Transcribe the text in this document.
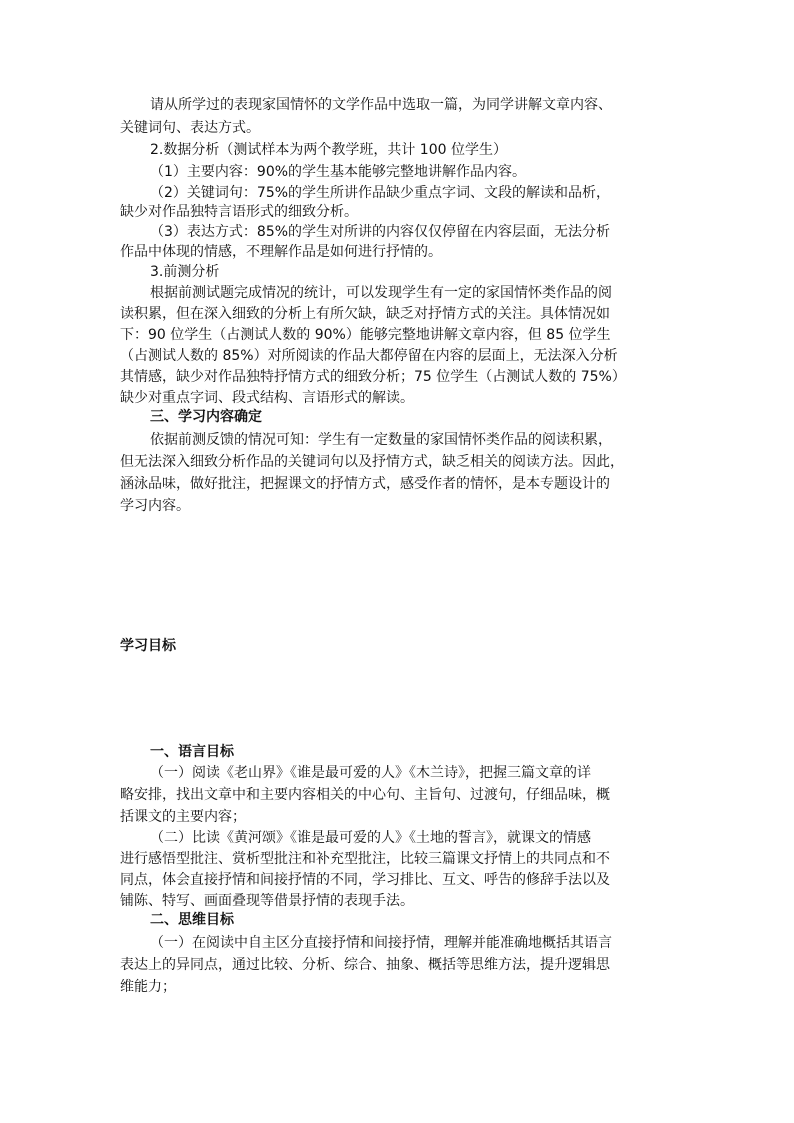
请从所学过的表现家国情怀的文学作品中选取一篇，为同学讲解文章内容、

关键词句、表达方式。

2.数据分析（测试样本为两个教学班，共计 100 位学生）

（1）主要内容：90%的学生基本能够完整地讲解作品内容。

（2）关键词句：75%的学生所讲作品缺少重点字词、文段的解读和品析，

缺少对作品独特言语形式的细致分析。

（3）表达方式：85%的学生对所讲的内容仅仅停留在内容层面，无法分析

作品中体现的情感，不理解作品是如何进行抒情的。

3.前测分析

根据前测试题完成情况的统计，可以发现学生有一定的家国情怀类作品的阅

读积累，但在深入细致的分析上有所欠缺，缺乏对抒情方式的关注。具体情况如

下：90 位学生（占测试人数的 90%）能够完整地讲解文章内容，但 85 位学生

（占测试人数的 85%）对所阅读的作品大都停留在内容的层面上，无法深入分析

其情感，缺少对作品独特抒情方式的细致分析；75 位学生（占测试人数的 75%）

缺少对重点字词、段式结构、言语形式的解读。

三、学习内容确定

依据前测反馈的情况可知：学生有一定数量的家国情怀类作品的阅读积累，

但无法深入细致分析作品的关键词句以及抒情方式，缺乏相关的阅读方法。因此，

涵泳品味，做好批注，把握课文的抒情方式，感受作者的情怀，是本专题设计的

学习内容。

学习目标

一、语言目标

（一）阅读《老山界》《谁是最可爱的人》《木兰诗》，把握三篇文章的详

略安排，找出文章中和主要内容相关的中心句、主旨句、过渡句，仔细品味，概

括课文的主要内容；

（二）比读《黄河颂》《谁是最可爱的人》《土地的誓言》，就课文的情感

进行感悟型批注、赏析型批注和补充型批注，比较三篇课文抒情上的共同点和不

同点，体会直接抒情和间接抒情的不同，学习排比、互文、呼告的修辞手法以及

铺陈、特写、画面叠现等借景抒情的表现手法。

二、思维目标

（一）在阅读中自主区分直接抒情和间接抒情，理解并能准确地概括其语言

表达上的异同点，通过比较、分析、综合、抽象、概括等思维方法，提升逻辑思

维能力；
